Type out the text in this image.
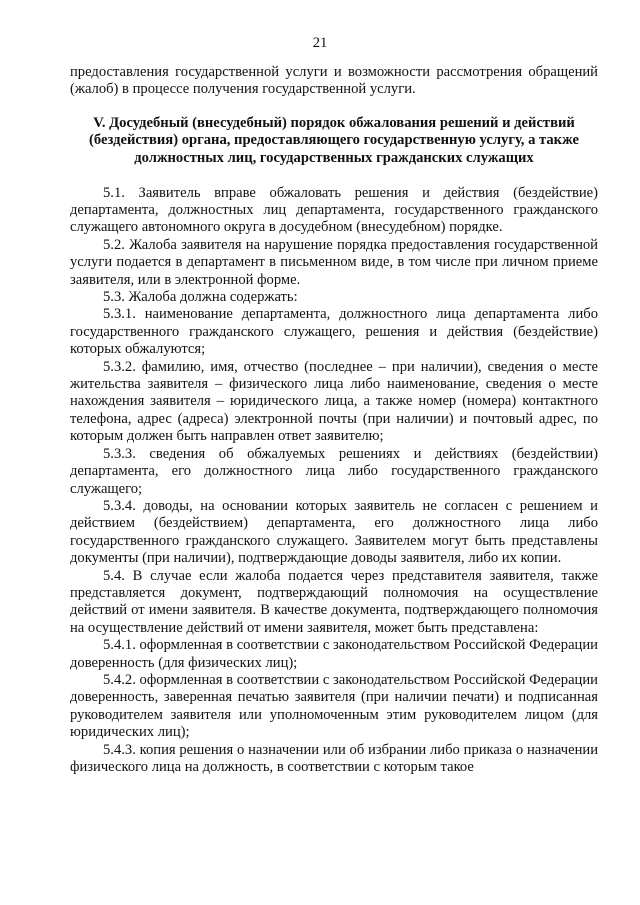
21

предоставления государственной услуги и возможности рассмотрения обращений (жалоб) в процессе получения государственной услуги.

V. Досудебный (внесудебный) порядок обжалования решений и действий (бездействия) органа, предоставляющего государственную услугу, а также должностных лиц, государственных гражданских служащих

5.1. Заявитель вправе обжаловать решения и действия (бездействие) департамента, должностных лиц департамента, государственного гражданского служащего автономного округа в досудебном (внесудебном) порядке.

5.2. Жалоба заявителя на нарушение порядка предоставления государственной услуги подается в департамент в письменном виде, в том числе при личном приеме заявителя, или в электронной форме.

5.3. Жалоба должна содержать:

5.3.1. наименование департамента, должностного лица департамента либо государственного гражданского служащего, решения и действия (бездействие) которых обжалуются;

5.3.2. фамилию, имя, отчество (последнее – при наличии), сведения о месте жительства заявителя – физического лица либо наименование, сведения о месте нахождения заявителя – юридического лица, а также номер (номера) контактного телефона, адрес (адреса) электронной почты (при наличии) и почтовый адрес, по которым должен быть направлен ответ заявителю;

5.3.3. сведения об обжалуемых решениях и действиях (бездействии) департамента, его должностного лица либо государственного гражданского служащего;

5.3.4. доводы, на основании которых заявитель не согласен с решением и действием (бездействием) департамента, его должностного лица либо государственного гражданского служащего. Заявителем могут быть представлены документы (при наличии), подтверждающие доводы заявителя, либо их копии.

5.4. В случае если жалоба подается через представителя заявителя, также представляется документ, подтверждающий полномочия на осуществление действий от имени заявителя. В качестве документа, подтверждающего полномочия на осуществление действий от имени заявителя, может быть представлена:

5.4.1. оформленная в соответствии с законодательством Российской Федерации доверенность (для физических лиц);

5.4.2. оформленная в соответствии с законодательством Российской Федерации доверенность, заверенная печатью заявителя (при наличии печати) и подписанная руководителем заявителя или уполномоченным этим руководителем лицом (для юридических лиц);

5.4.3. копия решения о назначении или об избрании либо приказа о назначении физического лица на должность, в соответствии с которым такое
